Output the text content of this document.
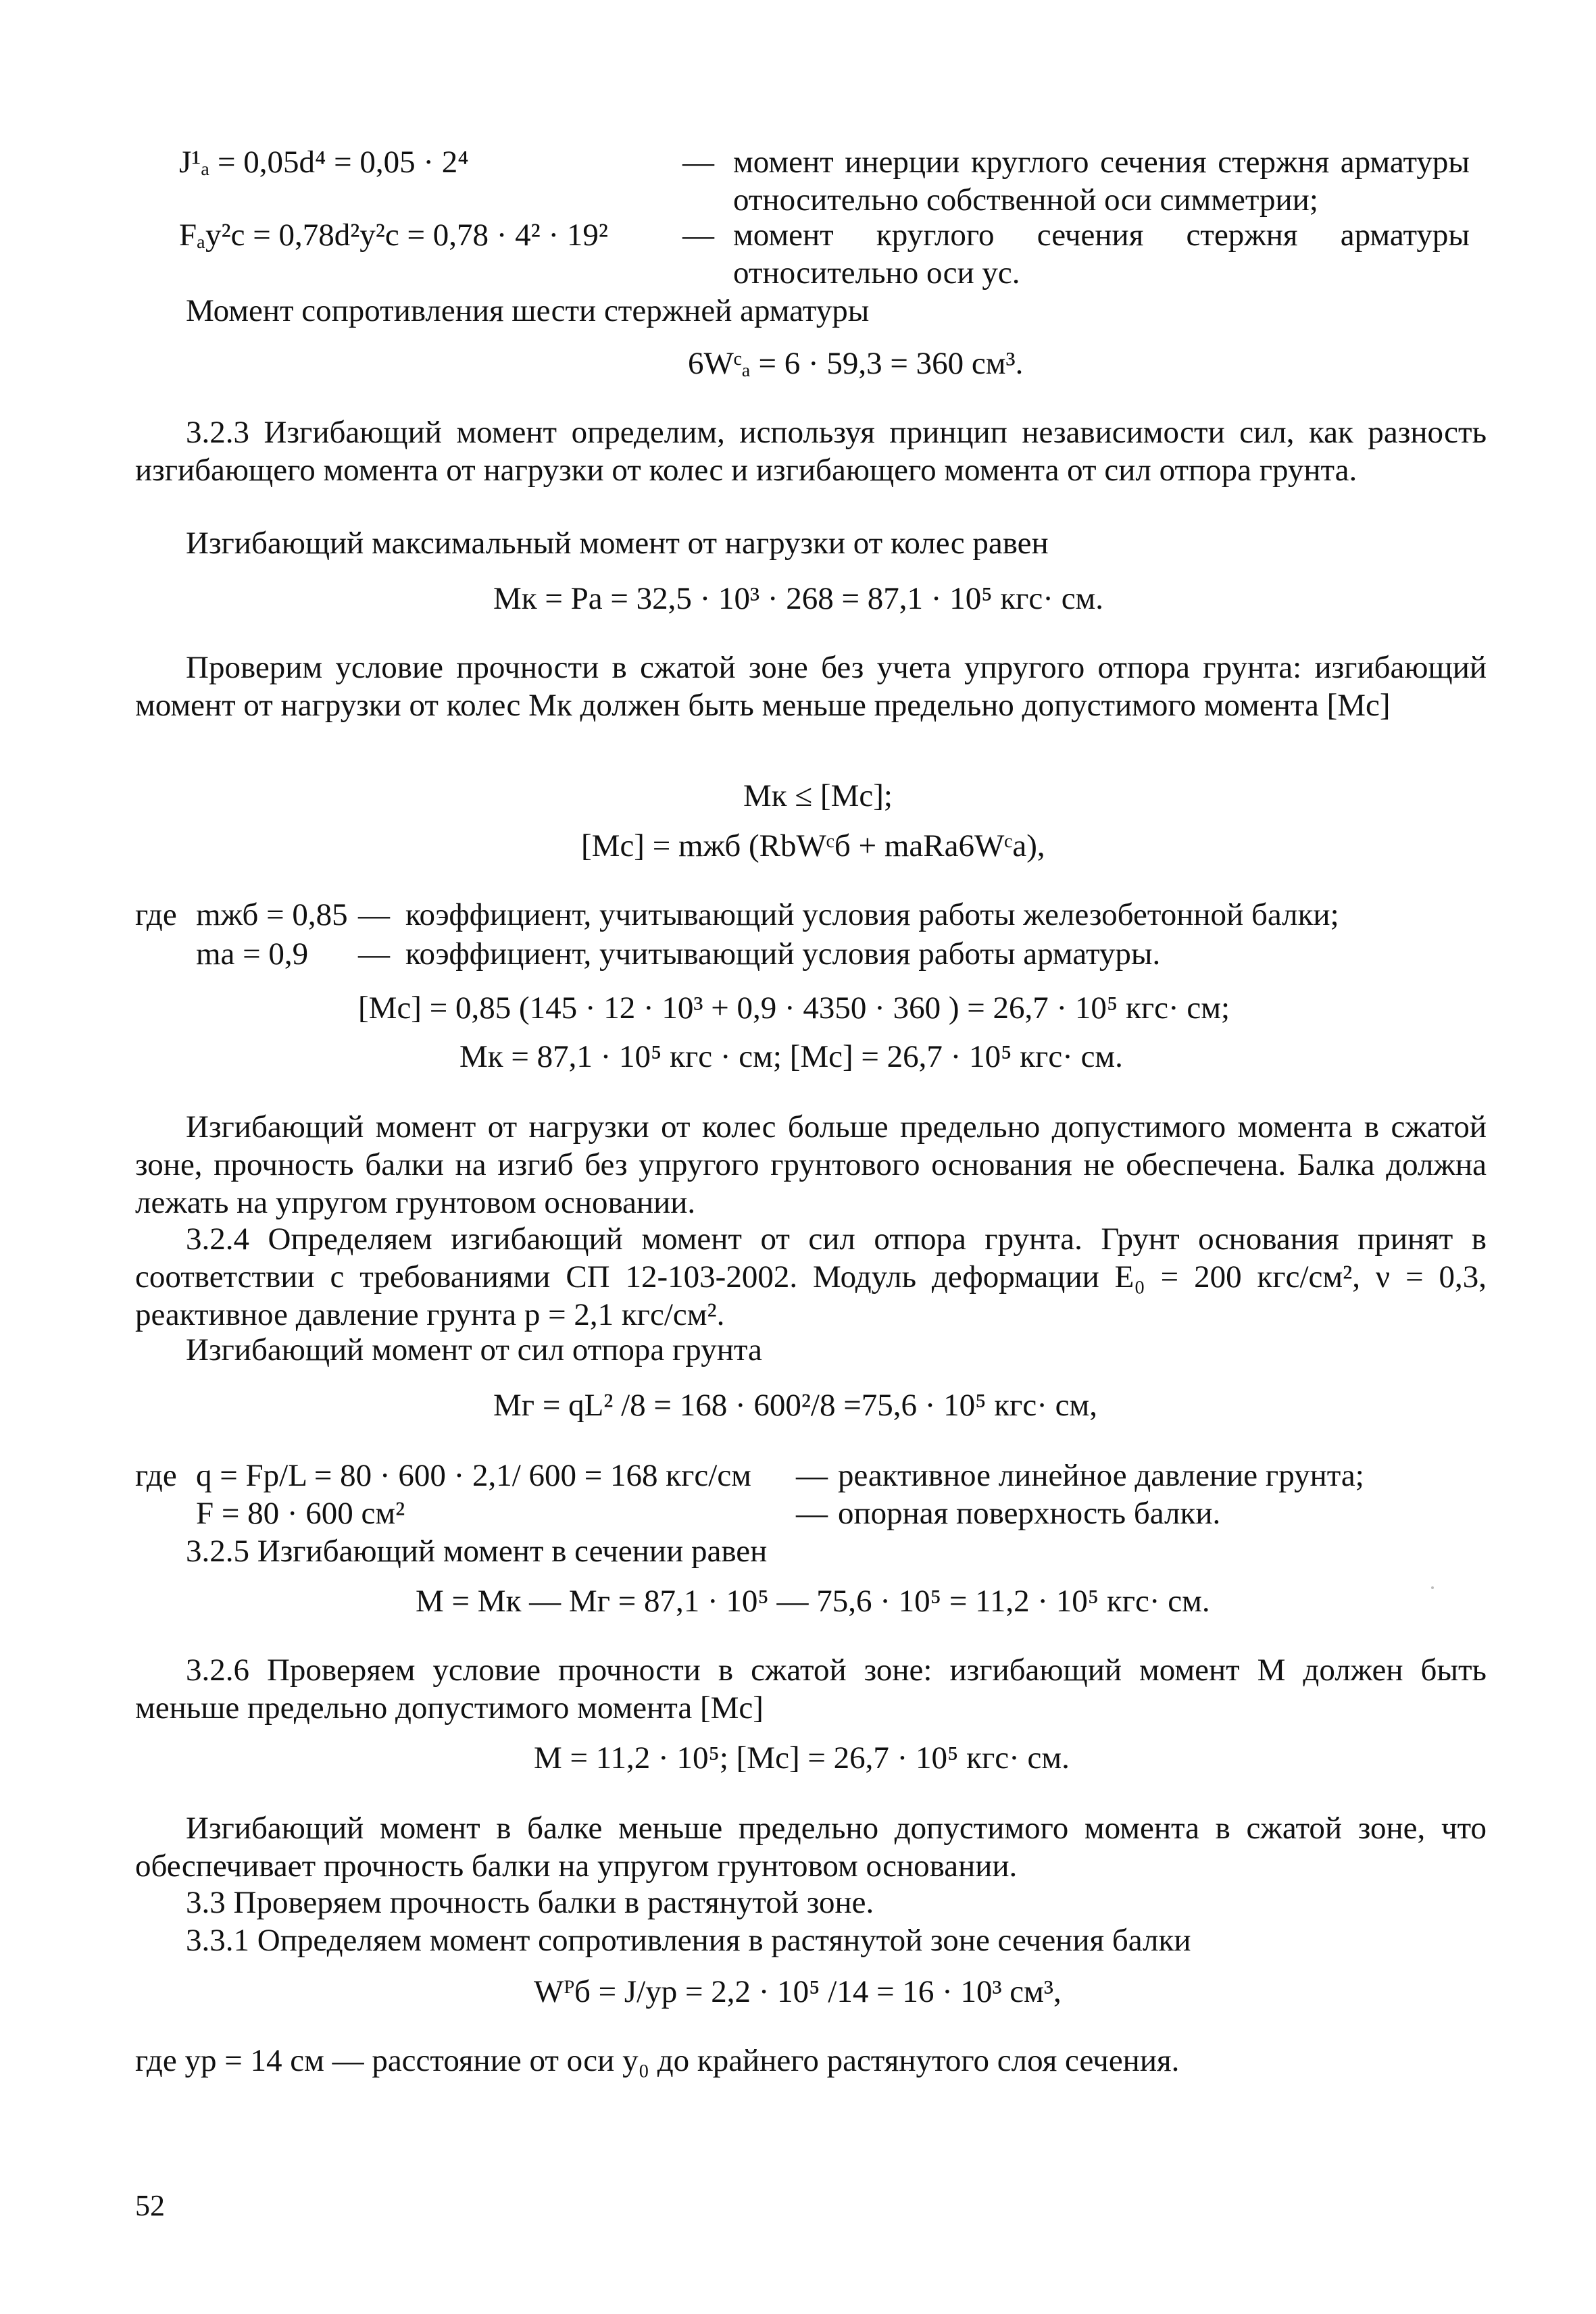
J¹ₐ = 0,05d⁴ = 0,05 · 2⁴	— момент инерции круглого сечения стержня арматуры относительно собственной оси симметрии;
Fₐy²c = 0,78d²y²c = 0,78 · 4² · 19² — момент круглого сечения стержня арматуры относительно оси yc.
Момент сопротивления шести стержней арматуры
6Wᶜₐ = 6 · 59,3 = 360 см³.
3.2.3 Изгибающий момент определим, используя принцип независимости сил, как разность изгибающего момента от нагрузки от колес и изгибающего момента от сил отпора грунта.
Изгибающий максимальный момент от нагрузки от колес равен
Mк = Pa = 32,5 · 10³ · 268 = 87,1 · 10⁵ кгс· см.
Проверим условие прочности в сжатой зоне без учета упругого отпора грунта: изгибающий момент от нагрузки от колес Mк должен быть меньше предельно допустимого момента [Mс]
Mк ≤ [Mс];
[Mс] = mжб (RbWᶜб + mаRа6Wᶜа),
где mжб = 0,85 — коэффициент, учитывающий условия работы железобетонной балки;
mа = 0,9 — коэффициент, учитывающий условия работы арматуры.
[Mс] = 0,85 (145 · 12 · 10³ + 0,9 · 4350 · 360 ) = 26,7 · 10⁵ кгс· см;
Mк = 87,1 · 10⁵ кгс · см; [Mс] = 26,7 · 10⁵ кгс· см.
Изгибающий момент от нагрузки от колес больше предельно допустимого момента в сжатой зоне, прочность балки на изгиб без упругого грунтового основания не обеспечена. Балка должна лежать на упругом грунтовом основании.
3.2.4 Определяем изгибающий момент от сил отпора грунта. Грунт основания принят в соответствии с требованиями СП 12-103-2002. Модуль деформации E₀ = 200 кгс/см², ν = 0,3, реактивное давление грунта p = 2,1 кгс/см².
Изгибающий момент от сил отпора грунта
Mг = qL² /8 = 168 · 600²/8 =75,6 · 10⁵ кгс· см,
где q = Fp/L = 80 · 600 · 2,1/ 600 = 168 кгс/см — реактивное линейное давление грунта;
F = 80 · 600 см²	— опорная поверхность балки.
3.2.5 Изгибающий момент в сечении равен
M = Mк — Mг = 87,1 · 10⁵ — 75,6 · 10⁵ = 11,2 · 10⁵ кгс· см.
3.2.6 Проверяем условие прочности в сжатой зоне: изгибающий момент M должен быть меньше предельно допустимого момента [Mс]
M = 11,2 · 10⁵; [Mс] = 26,7 · 10⁵ кгс· см.
Изгибающий момент в балке меньше предельно допустимого момента в сжатой зоне, что обеспечивает прочность балки на упругом грунтовом основании.
3.3 Проверяем прочность балки в растянутой зоне.
3.3.1 Определяем момент сопротивления в растянутой зоне сечения балки
Wᴾб = J/yр = 2,2 · 10⁵ /14 = 16 · 10³ см³,
где yр = 14 см — расстояние от оси y₀ до крайнего растянутого слоя сечения.
52
